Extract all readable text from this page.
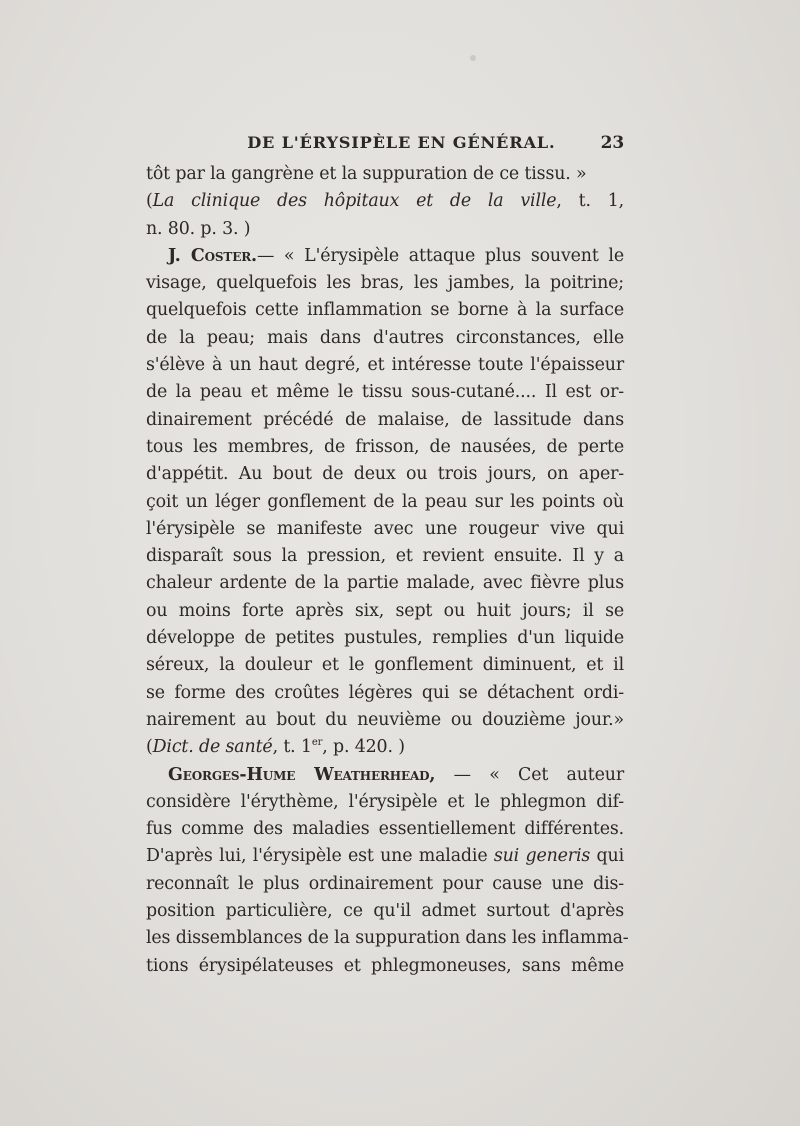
DE L'ÉRYSIPÈLE EN GÉNÉRAL.	23
tôt par la gangrène et la suppuration de ce tissu. »
(La clinique des hôpitaux et de la ville, t. 1,
n. 80. p. 3. )
J. Coster.— « L'érysipèle attaque plus souvent le
visage, quelquefois les bras, les jambes, la poitrine;
quelquefois cette inflammation se borne à la surface
de la peau; mais dans d'autres circonstances, elle
s'élève à un haut degré, et intéresse toute l'épaisseur
de la peau et même le tissu sous-cutané.... Il est or-
dinairement précédé de malaise, de lassitude dans
tous les membres, de frisson, de nausées, de perte
d'appétit. Au bout de deux ou trois jours, on aper-
çoit un léger gonflement de la peau sur les points où
l'érysipèle se manifeste avec une rougeur vive qui
disparaît sous la pression, et revient ensuite. Il y a
chaleur ardente de la partie malade, avec fièvre plus
ou moins forte après six, sept ou huit jours; il se
développe de petites pustules, remplies d'un liquide
séreux, la douleur et le gonflement diminuent, et il
se forme des croûtes légères qui se détachent ordi-
nairement au bout du neuvième ou douzième jour.»
(Dict. de santé, t. 1er, p. 420. )
Georges-Hume Weatherhead, — « Cet auteur
considère l'érythème, l'érysipèle et le phlegmon dif-
fus comme des maladies essentiellement différentes.
D'après lui, l'érysipèle est une maladie sui generis qui
reconnaît le plus ordinairement pour cause une dis-
position particulière, ce qu'il admet surtout d'après
les dissemblances de la suppuration dans les inflamma-
tions érysipélateuses et phlegmoneuses, sans même
